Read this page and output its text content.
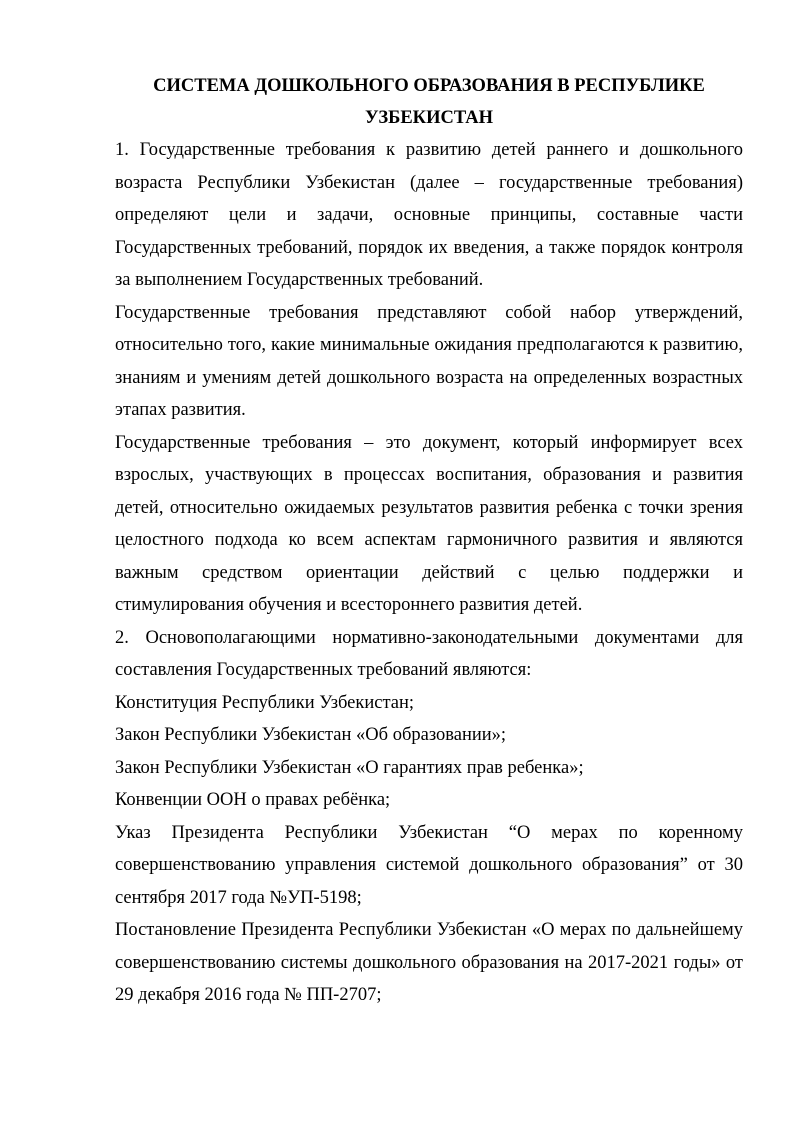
СИСТЕМА ДОШКОЛЬНОГО ОБРАЗОВАНИЯ В РЕСПУБЛИКЕ
УЗБЕКИСТАН

1. Государственные требования к развитию детей раннего и дошкольного возраста Республики Узбекистан (далее – государственные требования) определяют цели и задачи, основные принципы, составные части Государственных требований, порядок их введения, а также порядок контроля за выполнением Государственных требований.

Государственные требования представляют собой набор утверждений, относительно того, какие минимальные ожидания предполагаются к развитию, знаниям и умениям детей дошкольного возраста на определенных возрастных этапах развития.

Государственные требования – это документ, который информирует всех взрослых, участвующих в процессах воспитания, образования и развития детей, относительно ожидаемых результатов развития ребенка с точки зрения целостного подхода ко всем аспектам гармоничного развития и являются важным средством ориентации действий с целью поддержки и стимулирования обучения и всестороннего развития детей.

2. Основополагающими нормативно-законодательными документами для составления Государственных требований являются:

Конституция Республики Узбекистан;

Закон Республики Узбекистан «Об образовании»;

Закон Республики Узбекистан «О гарантиях прав ребенка»;

Конвенции ООН о правах ребёнка;

Указ Президента Республики Узбекистан “О мерах по коренному совершенствованию управления системой дошкольного образования” от 30 сентября 2017 года №УП-5198;

Постановление Президента Республики Узбекистан «О мерах по дальнейшему совершенствованию системы дошкольного образования на 2017-2021 годы» от 29 декабря 2016 года № ПП-2707;
